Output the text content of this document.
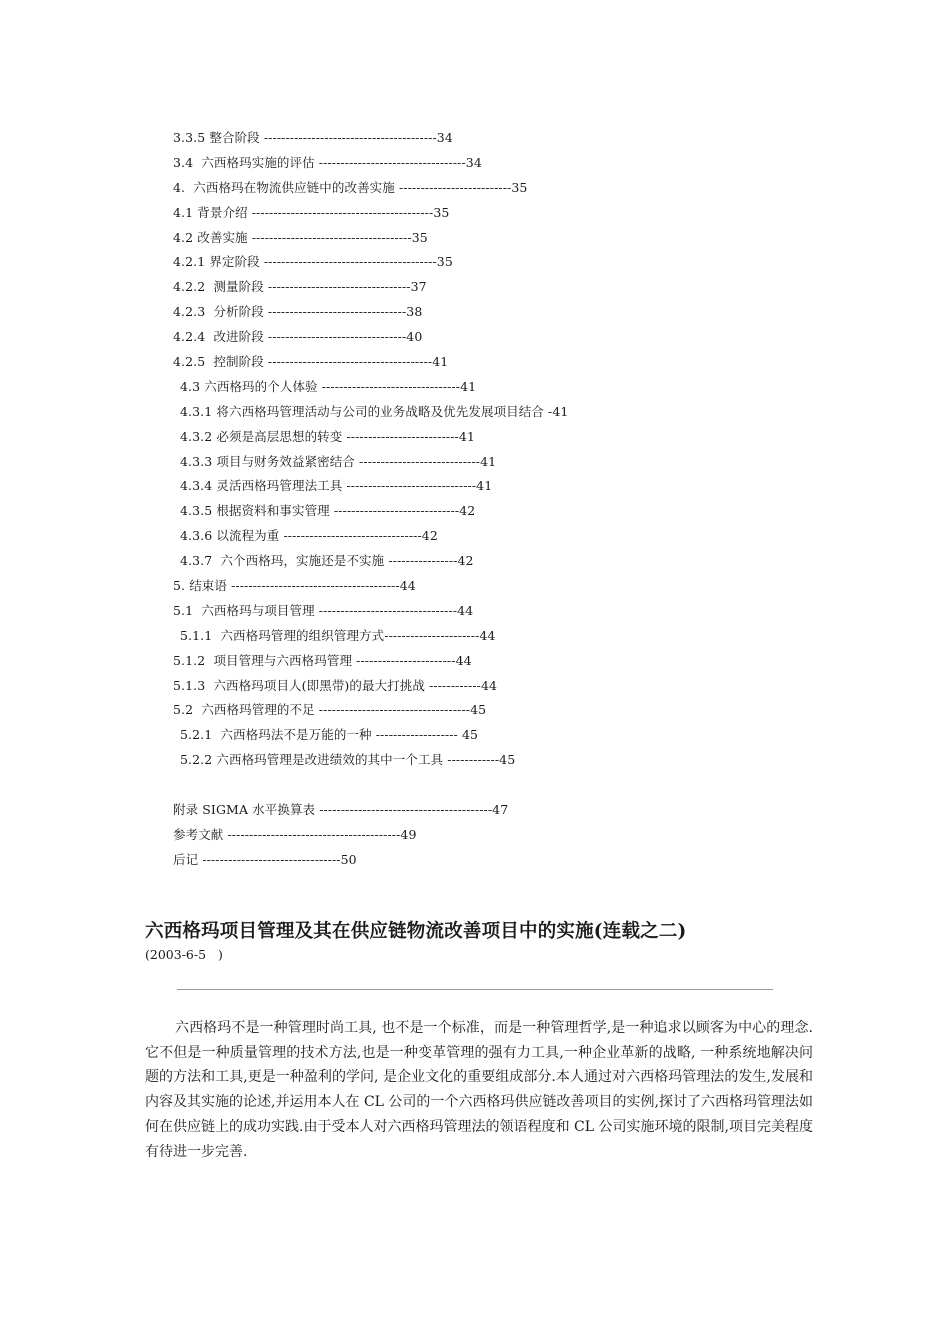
3.3.5 整合阶段 ----------------------------------------34
3.4  六西格玛实施的评估 ----------------------------------34
4.  六西格玛在物流供应链中的改善实施 --------------------------35
4.1 背景介绍 ------------------------------------------35
4.2 改善实施 -------------------------------------35
4.2.1 界定阶段 ----------------------------------------35
4.2.2  测量阶段 ---------------------------------37
4.2.3  分析阶段 --------------------------------38
4.2.4  改进阶段 --------------------------------40
4.2.5  控制阶段 --------------------------------------41
4.3 六西格玛的个人体验 --------------------------------41
4.3.1 将六西格玛管理活动与公司的业务战略及优先发展项目结合 -41
4.3.2 必须是高层思想的转变 --------------------------41
4.3.3 项目与财务效益紧密结合 ----------------------------41
4.3.4 灵活西格玛管理法工具 ------------------------------41
4.3.5 根据资料和事实管理 -----------------------------42
4.3.6 以流程为重 --------------------------------42
4.3.7  六个西格玛，实施还是不实施 ----------------42
5. 结束语 ---------------------------------------44
5.1  六西格玛与项目管理 --------------------------------44
5.1.1  六西格玛管理的组织管理方式----------------------44
5.1.2  项目管理与六西格玛管理 -----------------------44
5.1.3  六西格玛项目人(即黑带)的最大打挑战 ------------44
5.2  六西格玛管理的不足 -----------------------------------45
5.2.1  六西格玛法不是万能的一种 ------------------- 45
5.2.2 六西格玛管理是改进绩效的其中一个工具 ------------45
附录 SIGMA 水平换算表 ----------------------------------------47
参考文献 ----------------------------------------49
后记 --------------------------------50
六西格玛项目管理及其在供应链物流改善项目中的实施(连载之二)
(2003-6-5   )

六西格玛不是一种管理时尚工具, 也不是一个标准，而是一种管理哲学,是一种追求以顾客为中心的理念. 它不但是一种质量管理的技术方法,也是一种变革管理的强有力工具,一种企业革新的战略, 一种系统地解决问题的方法和工具,更是一种盈利的学问, 是企业文化的重要组成部分.本人通过对六西格玛管理法的发生,发展和内容及其实施的论述,并运用本人在 CL 公司的一个六西格玛供应链改善项目的实例,探讨了六西格玛管理法如何在供应链上的成功实践.由于受本人对六西格玛管理法的领语程度和 CL 公司实施环境的限制,项目完美程度有待进一步完善.
